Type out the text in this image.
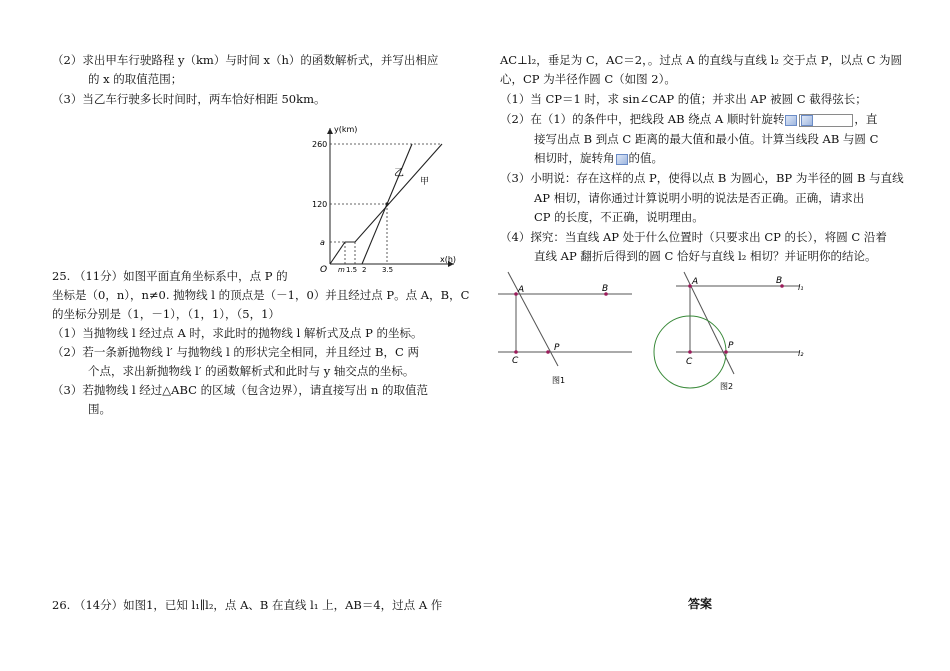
（2）求出甲车行驶路程 y（km）与时间 x（h）的函数解析式，并写出相应
的 x 的取值范围；
（3）当乙车行驶多长时间时，两车恰好相距 50km。
y(km)
x(h)
O
260
120
a
m 1.5 2 3.5
乙
甲
25. （11分）如图平面直角坐标系中，点 P 的
坐标是（0，n），n≠0. 抛物线 l 的顶点是（－1，0）并且经过点 P。点 A，B，C
的坐标分别是（1，－1），（1，1），（5，1）
（1）当抛物线 l 经过点 A 时，求此时的抛物线 l 解析式及点 P 的坐标。
（2）若一条新抛物线 l′ 与抛物线 l 的形状完全相同，并且经过 B，C 两
个点，求出新抛物线 l′ 的函数解析式和此时与 y 轴交点的坐标。
（3）若抛物线 l 经过△ABC 的区域（包含边界），请直接写出 n 的取值范
围。
26. （14分）如图1，已知 l₁∥l₂，点 A、B 在直线 l₁ 上，AB＝4，过点 A 作
AC⊥l₂，垂足为 C，AC＝2，。过点 A 的直线与直线 l₂ 交于点 P，以点 C 为圆
心，CP 为半径作圆 C（如图 2）。
（1）当 CP＝1 时，求 sin∠CAP 的值；并求出 AP 被圆 C 截得弦长；
（2）在（1）的条件中，把线段 AB 绕点 A 顺时针旋转	，直
接写出点 B 到点 C 距离的最大值和最小值。计算当线段 AB 与圆 C
相切时，旋转角 的值。
（3）小明说：存在这样的点 P，使得以点 B 为圆心，BP 为半径的圆 B 与直线
AP 相切，请你通过计算说明小明的说法是否正确。正确，请求出
CP 的长度，不正确，说明理由。
（4）探究：当直线 AP 处于什么位置时（只要求出 CP 的长），将圆 C 沿着
直线 AP 翻折后得到的圆 C 恰好与直线 l₂ 相切？并证明你的结论。
A	B
C
P
图1
A	B
C
P
l₁
l₂
图2
答案
